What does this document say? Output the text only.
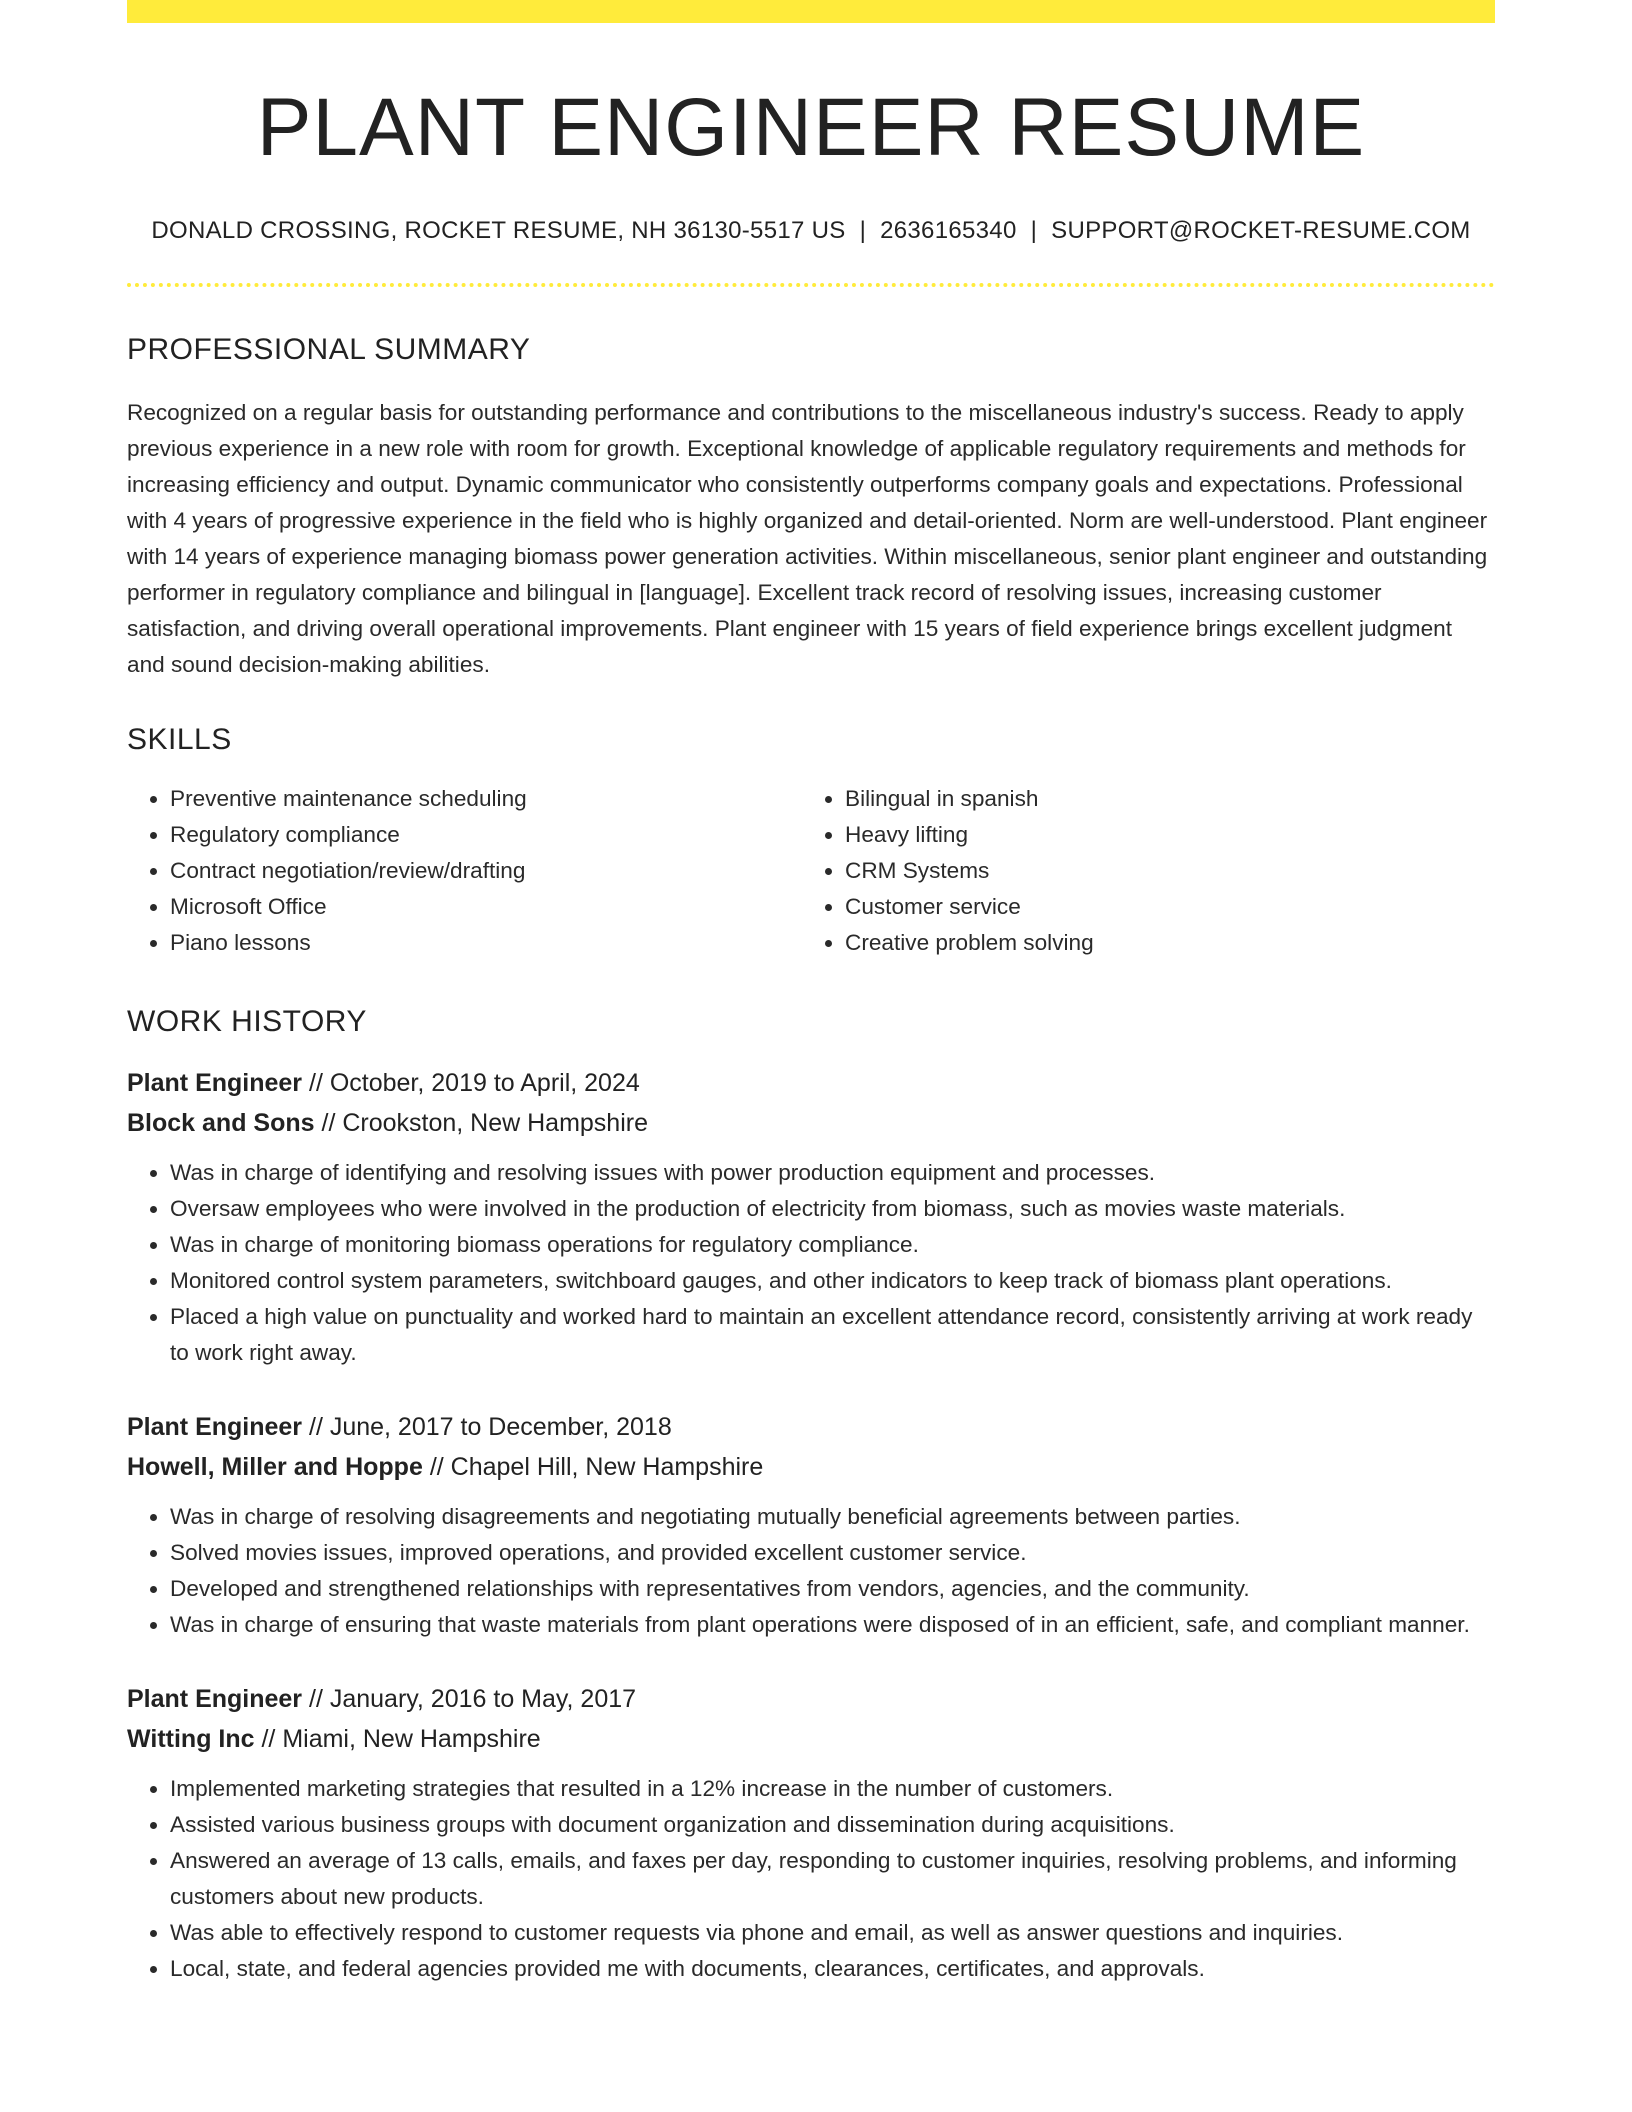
PLANT ENGINEER RESUME
DONALD CROSSING, ROCKET RESUME, NH 36130-5517 US | 2636165340 | SUPPORT@ROCKET-RESUME.COM
PROFESSIONAL SUMMARY

Recognized on a regular basis for outstanding performance and contributions to the miscellaneous industry's success. Ready to apply previous experience in a new role with room for growth. Exceptional knowledge of applicable regulatory requirements and methods for increasing efficiency and output. Dynamic communicator who consistently outperforms company goals and expectations. Professional with 4 years of progressive experience in the field who is highly organized and detail-oriented. Norm are well-understood. Plant engineer with 14 years of experience managing biomass power generation activities. Within miscellaneous, senior plant engineer and outstanding performer in regulatory compliance and bilingual in [language]. Excellent track record of resolving issues, increasing customer satisfaction, and driving overall operational improvements. Plant engineer with 15 years of field experience brings excellent judgment and sound decision-making abilities.

SKILLS
• Preventive maintenance scheduling
• Regulatory compliance
• Contract negotiation/review/drafting
• Microsoft Office
• Piano lessons
• Bilingual in spanish
• Heavy lifting
• CRM Systems
• Customer service
• Creative problem solving
WORK HISTORY
Plant Engineer // October, 2019 to April, 2024
Block and Sons // Crookston, New Hampshire
• Was in charge of identifying and resolving issues with power production equipment and processes.
• Oversaw employees who were involved in the production of electricity from biomass, such as movies waste materials.
• Was in charge of monitoring biomass operations for regulatory compliance.
• Monitored control system parameters, switchboard gauges, and other indicators to keep track of biomass plant operations.
• Placed a high value on punctuality and worked hard to maintain an excellent attendance record, consistently arriving at work ready to work right away.
Plant Engineer // June, 2017 to December, 2018
Howell, Miller and Hoppe // Chapel Hill, New Hampshire
• Was in charge of resolving disagreements and negotiating mutually beneficial agreements between parties.
• Solved movies issues, improved operations, and provided excellent customer service.
• Developed and strengthened relationships with representatives from vendors, agencies, and the community.
• Was in charge of ensuring that waste materials from plant operations were disposed of in an efficient, safe, and compliant manner.
Plant Engineer // January, 2016 to May, 2017
Witting Inc // Miami, New Hampshire
• Implemented marketing strategies that resulted in a 12% increase in the number of customers.
• Assisted various business groups with document organization and dissemination during acquisitions.
• Answered an average of 13 calls, emails, and faxes per day, responding to customer inquiries, resolving problems, and informing customers about new products.
• Was able to effectively respond to customer requests via phone and email, as well as answer questions and inquiries.
• Local, state, and federal agencies provided me with documents, clearances, certificates, and approvals.
